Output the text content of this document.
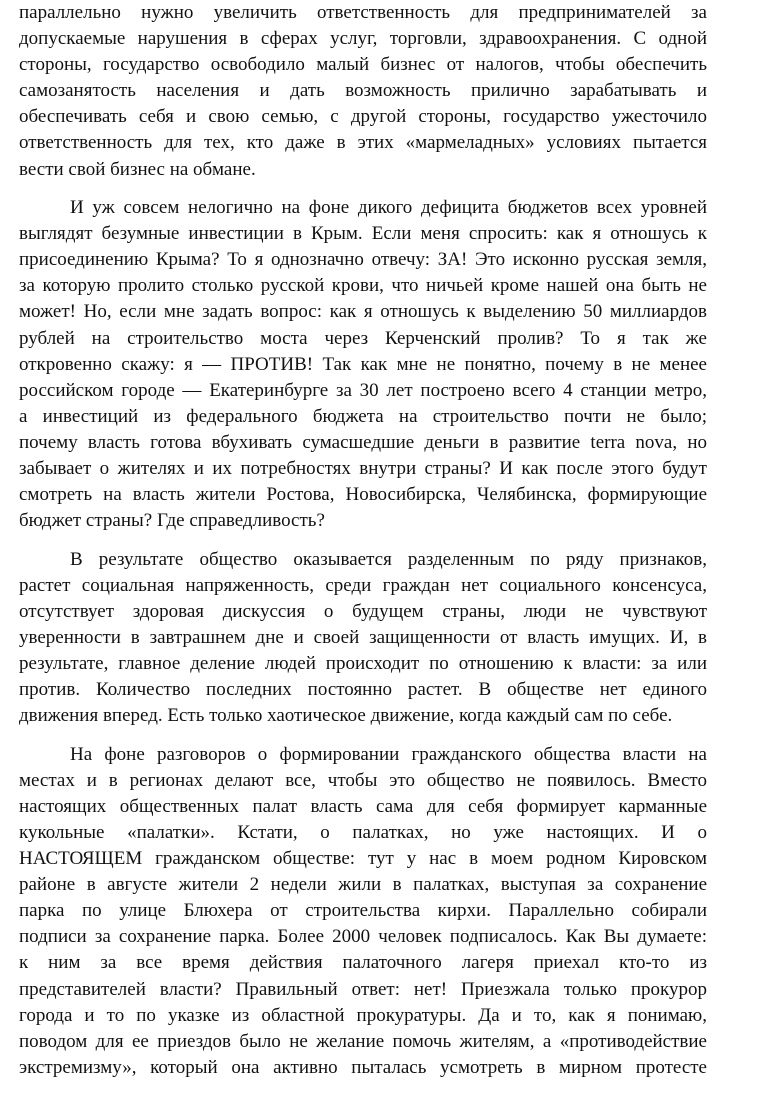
параллельно нужно увеличить ответственность для предпринимателей за
допускаемые нарушения в сферах услуг, торговли, здравоохранения. С одной
стороны, государство освободило малый бизнес от налогов, чтобы обеспечить
самозанятость населения и дать возможность прилично зарабатывать и
обеспечивать себя и свою семью, с другой стороны, государство ужесточило
ответственность для тех, кто даже в этих «мармеладных» условиях пытается
вести свой бизнес на обмане.
И уж совсем нелогично на фоне дикого дефицита бюджетов всех уровней
выглядят безумные инвестиции в Крым. Если меня спросить: как я отношусь к
присоединению Крыма? То я однозначно отвечу: ЗА! Это исконно русская земля,
за которую пролито столько русской крови, что ничьей кроме нашей она быть не
может! Но, если мне задать вопрос: как я отношусь к выделению 50 миллиардов
рублей на строительство моста через Керченский пролив? То я так же
откровенно скажу: я — ПРОТИВ! Так как мне не понятно, почему в не менее
российском городе — Екатеринбурге за 30 лет построено всего 4 станции метро,
а инвестиций из федерального бюджета на строительство почти не было;
почему власть готова вбухивать сумасшедшие деньги в развитие terra nova, но
забывает о жителях и их потребностях внутри страны? И как после этого будут
смотреть на власть жители Ростова, Новосибирска, Челябинска, формирующие
бюджет страны? Где справедливость?
В результате общество оказывается разделенным по ряду признаков,
растет социальная напряженность, среди граждан нет социального консенсуса,
отсутствует здоровая дискуссия о будущем страны, люди не чувствуют
уверенности в завтрашнем дне и своей защищенности от власть имущих. И, в
результате, главное деление людей происходит по отношению к власти: за или
против. Количество последних постоянно растет. В обществе нет единого
движения вперед. Есть только хаотическое движение, когда каждый сам по себе.
На фоне разговоров о формировании гражданского общества власти на
местах и в регионах делают все, чтобы это общество не появилось. Вместо
настоящих общественных палат власть сама для себя формирует карманные
кукольные «палатки». Кстати, о палатках, но уже настоящих. И о
НАСТОЯЩЕМ гражданском обществе: тут у нас в моем родном Кировском
районе в августе жители 2 недели жили в палатках, выступая за сохранение
парка по улице Блюхера от строительства кирхи. Параллельно собирали
подписи за сохранение парка. Более 2000 человек подписалось. Как Вы думаете:
к ним за все время действия палаточного лагеря приехал кто-то из
представителей власти? Правильный ответ: нет! Приезжала только прокурор
города и то по указке из областной прокуратуры. Да и то, как я понимаю,
поводом для ее приездов было не желание помочь жителям, а «противодействие
экстремизму», который она активно пыталась усмотреть в мирном протесте
